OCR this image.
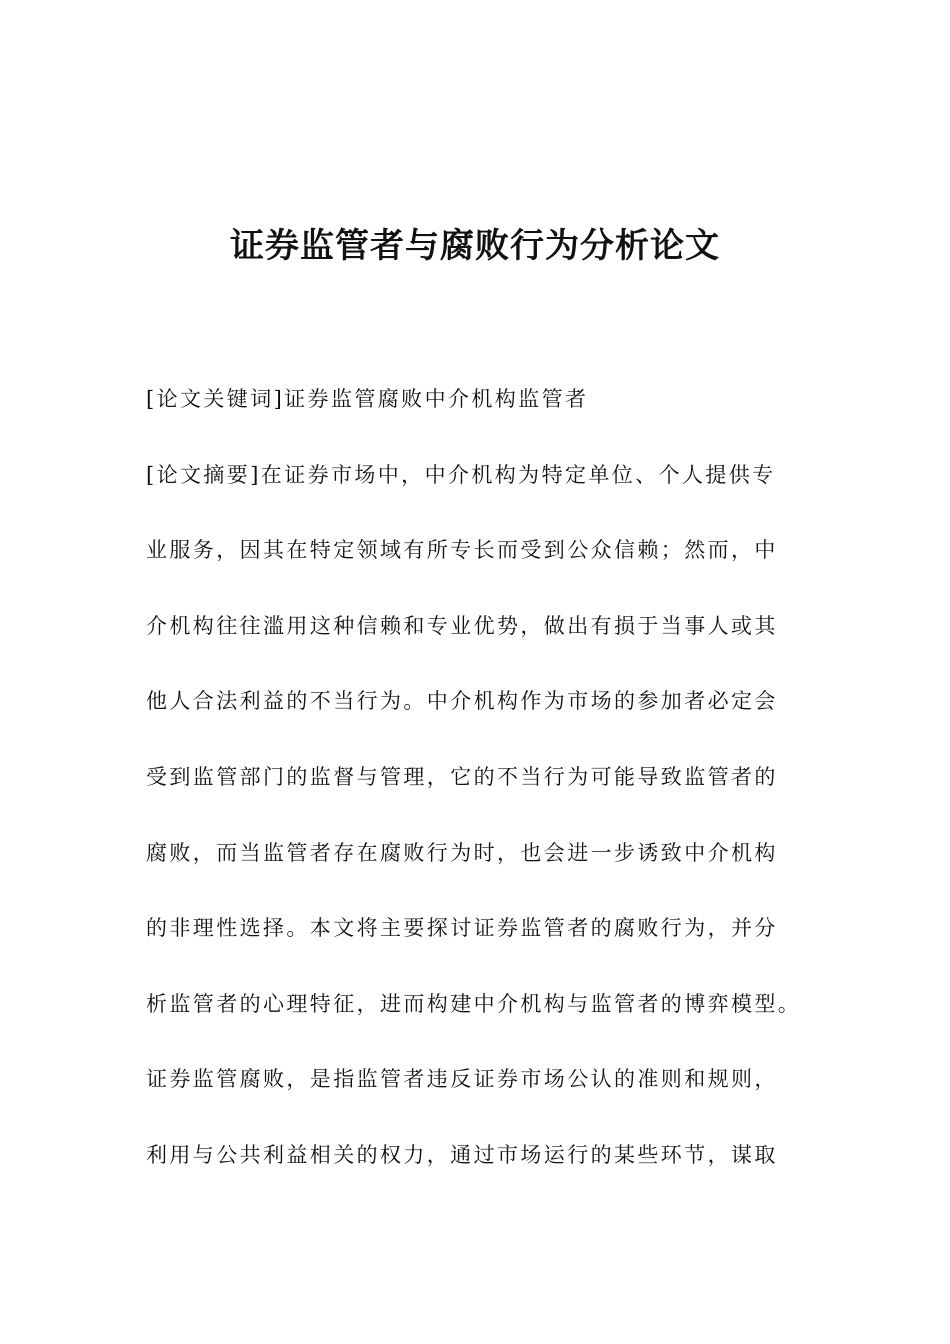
证券监管者与腐败行为分析论文
[论文关键词]证券监管腐败中介机构监管者
[论文摘要]在证券市场中，中介机构为特定单位、个人提供专
业服务，因其在特定领域有所专长而受到公众信赖；然而，中
介机构往往滥用这种信赖和专业优势，做出有损于当事人或其
他人合法利益的不当行为。中介机构作为市场的参加者必定会
受到监管部门的监督与管理，它的不当行为可能导致监管者的
腐败，而当监管者存在腐败行为时，也会进一步诱致中介机构
的非理性选择。本文将主要探讨证券监管者的腐败行为，并分
析监管者的心理特征，进而构建中介机构与监管者的博弈模型。
证券监管腐败，是指监管者违反证券市场公认的准则和规则，
利用与公共利益相关的权力，通过市场运行的某些环节，谋取
